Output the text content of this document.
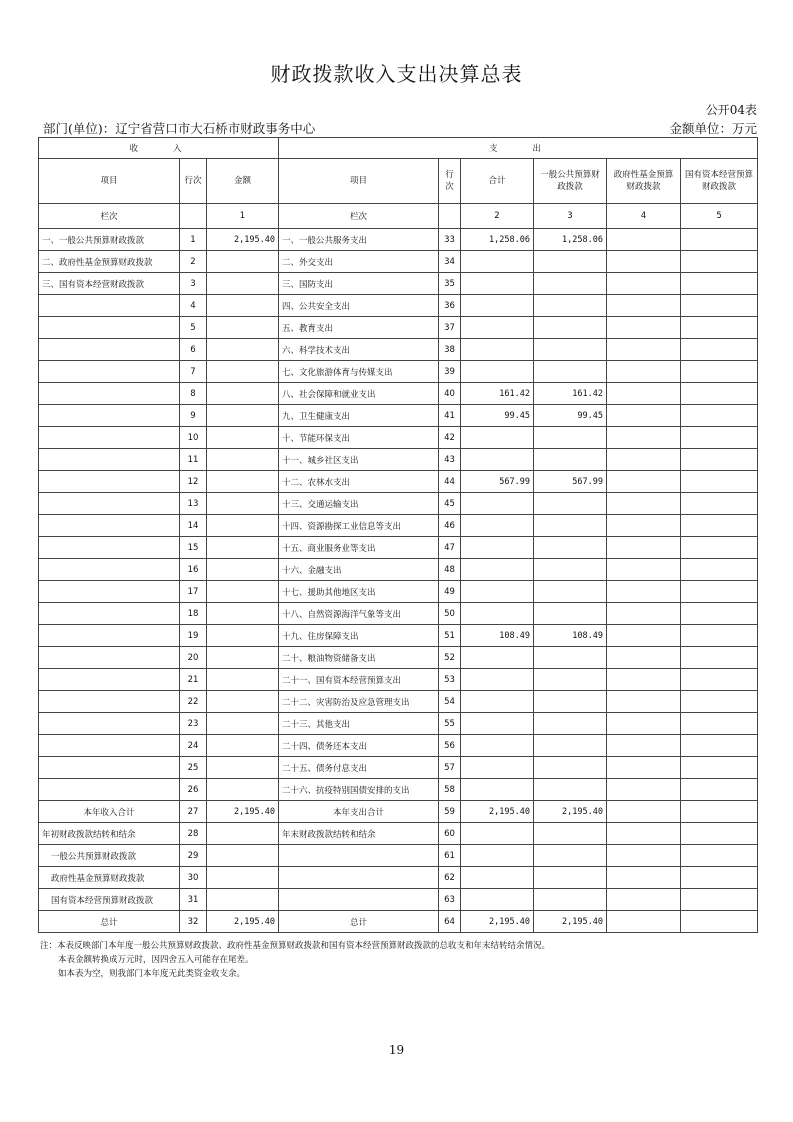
财政拨款收入支出决算总表
公开04表
部门(单位)：辽宁省营口市大石桥市财政事务中心	金额单位：万元
收　　入			支　　出					
项目	行次	金额	项目	行次	合计	一般公共预算财政拨款	政府性基金预算财政拨款	国有资本经营预算财政拨款
栏次		1	栏次		2	3	4	5
一、一般公共预算财政拨款	1	2,195.40	一、一般公共服务支出	33	1,258.06	1,258.06		
二、政府性基金预算财政拨款	2		二、外交支出	34				
三、国有资本经营财政拨款	3		三、国防支出	35				
	4		四、公共安全支出	36				
	5		五、教育支出	37				
	6		六、科学技术支出	38				
	7		七、文化旅游体育与传媒支出	39				
	8		八、社会保障和就业支出	40	161.42	161.42		
	9		九、卫生健康支出	41	99.45	99.45		
	10		十、节能环保支出	42				
	11		十一、城乡社区支出	43				
	12		十二、农林水支出	44	567.99	567.99		
	13		十三、交通运输支出	45				
	14		十四、资源勘探工业信息等支出	46				
	15		十五、商业服务业等支出	47				
	16		十六、金融支出	48				
	17		十七、援助其他地区支出	49				
	18		十八、自然资源海洋气象等支出	50				
	19		十九、住房保障支出	51	108.49	108.49		
	20		二十、粮油物资储备支出	52				
	21		二十一、国有资本经营预算支出	53				
	22		二十二、灾害防治及应急管理支出	54				
	23		二十三、其他支出	55				
	24		二十四、债务还本支出	56				
	25		二十五、债务付息支出	57				
	26		二十六、抗疫特别国债安排的支出	58				
本年收入合计	27	2,195.40	本年支出合计	59	2,195.40	2,195.40		
年初财政拨款结转和结余	28		年末财政拨款结转和结余	60				
一般公共预算财政拨款	29			61				
政府性基金预算财政拨款	30			62				
国有资本经营预算财政拨款	31			63				
总计	32	2,195.40	总计	64	2,195.40	2,195.40		
注：本表反映部门本年度一般公共预算财政拨款、政府性基金预算财政拨款和国有资本经营预算财政拨款的总收支和年末结转结余情况。
本表金额转换成万元时，因四舍五入可能存在尾差。
如本表为空，则我部门本年度无此类资金收支余。
19
